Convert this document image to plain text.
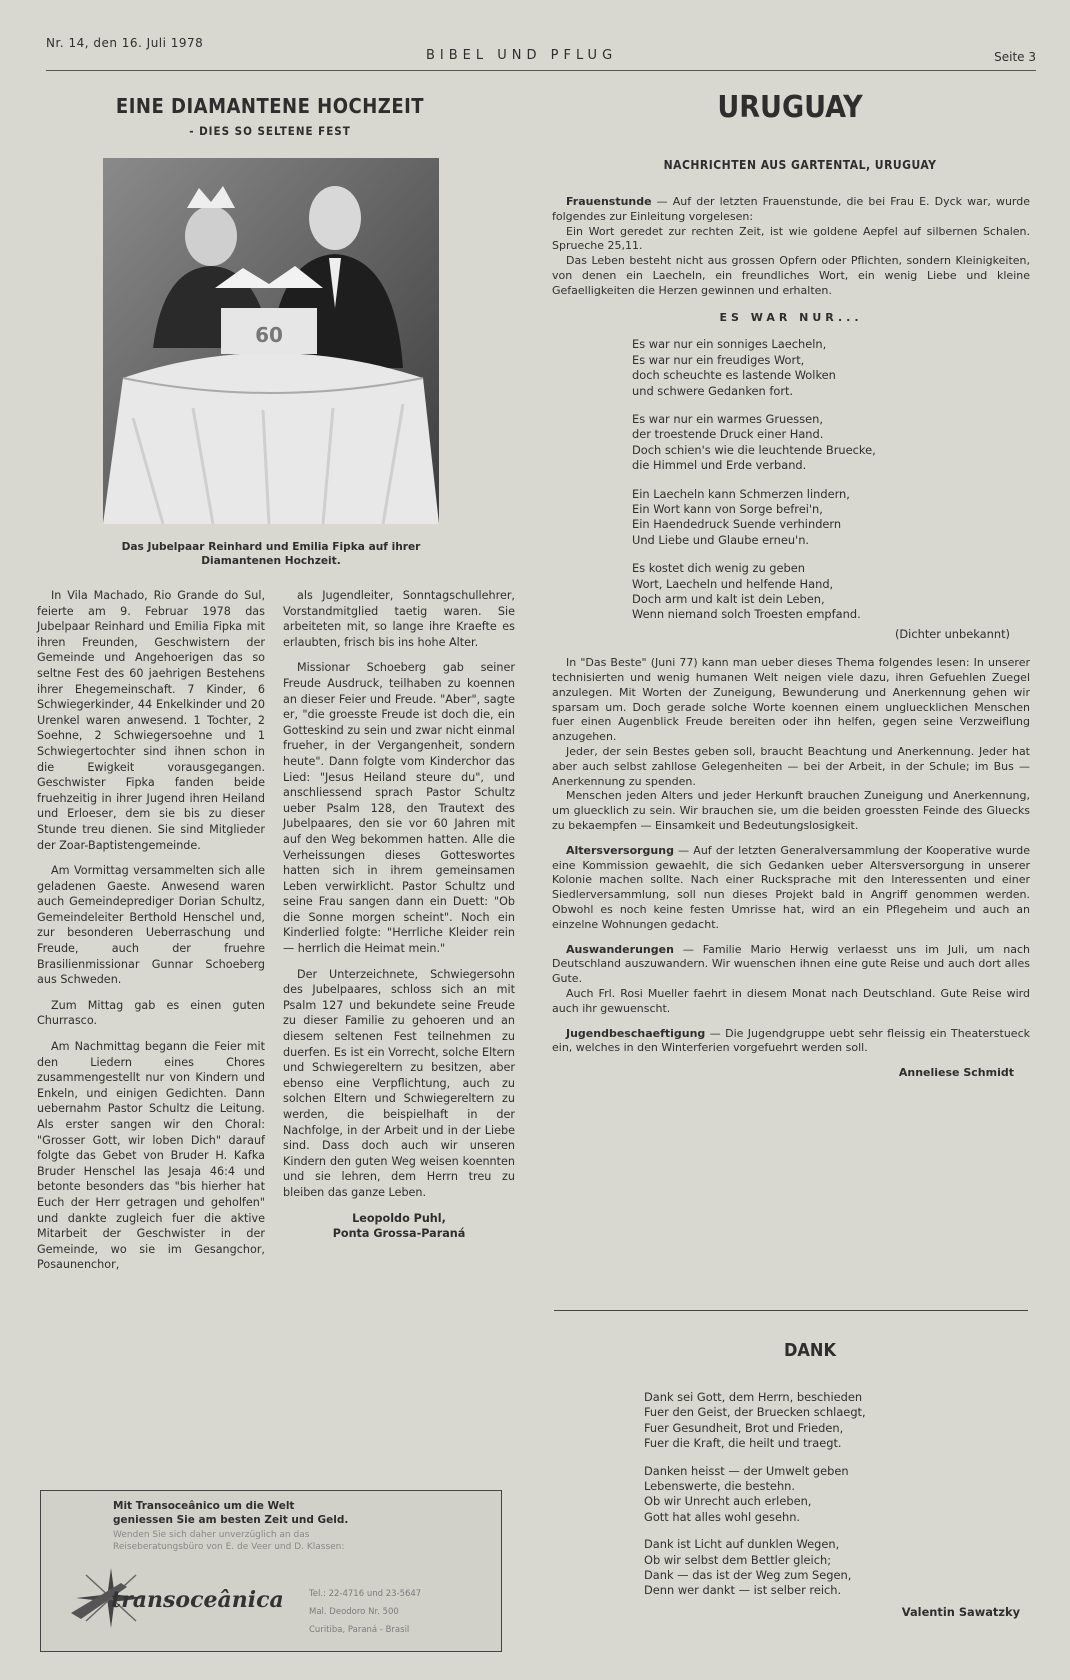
Nr. 14, den 16. Juli 1978
BIBEL UND PFLUG	Seite 3
EINE DIAMANTENE HOCHZEIT
- DIES SO SELTENE FEST
60
Das Jubelpaar Reinhard und Emilia Fipka auf ihrer Diamantenen Hochzeit.

In Vila Machado, Rio Grande do Sul, feierte am 9. Februar 1978 das Jubelpaar Reinhard und Emilia Fipka mit ihren Freunden, Geschwistern der Gemeinde und Angehoerigen das so seltne Fest des 60 jaehrigen Bestehens ihrer Ehegemeinschaft. 7 Kinder, 6 Schwiegerkinder, 44 Enkelkinder und 20 Urenkel waren anwesend. 1 Tochter, 2 Soehne, 2 Schwiegersoehne und 1 Schwiegertochter sind ihnen schon in die Ewigkeit vorausgegangen. Geschwister Fipka fanden beide fruehzeitig in ihrer Jugend ihren Heiland und Erloeser, dem sie bis zu dieser Stunde treu dienen. Sie sind Mitglieder der Zoar-Baptistengemeinde.

Am Vormittag versammelten sich alle geladenen Gaeste. Anwesend waren auch Gemeindeprediger Dorian Schultz, Gemeindeleiter Berthold Henschel und, zur besonderen Ueberraschung und Freude, auch der fruehre Brasilienmissionar Gunnar Schoeberg aus Schweden.

Zum Mittag gab es einen guten Churrasco.

Am Nachmittag begann die Feier mit den Liedern eines Chores zusammengestellt nur von Kindern und Enkeln, und einigen Gedichten. Dann uebernahm Pastor Schultz die Leitung. Als erster sangen wir den Choral: "Grosser Gott, wir loben Dich" darauf folgte das Gebet von Bruder H. Kafka Bruder Henschel las Jesaja 46:4 und betonte besonders das "bis hierher hat Euch der Herr getragen und geholfen" und dankte zugleich fuer die aktive Mitarbeit der Geschwister in der Gemeinde, wo sie im Gesangchor, Posaunenchor,

als Jugendleiter, Sonntagschullehrer, Vorstandmitglied taetig waren. Sie arbeiteten mit, so lange ihre Kraefte es erlaubten, frisch bis ins hohe Alter.

Missionar Schoeberg gab seiner Freude Ausdruck, teilhaben zu koennen an dieser Feier und Freude. "Aber", sagte er, "die groesste Freude ist doch die, ein Gotteskind zu sein und zwar nicht einmal frueher, in der Vergangenheit, sondern heute". Dann folgte vom Kinderchor das Lied: "Jesus Heiland steure du", und anschliessend sprach Pastor Schultz ueber Psalm 128, den Trautext des Jubelpaares, den sie vor 60 Jahren mit auf den Weg bekommen hatten. Alle die Verheissungen dieses Gotteswortes hatten sich in ihrem gemeinsamen Leben verwirklicht. Pastor Schultz und seine Frau sangen dann ein Duett: "Ob die Sonne morgen scheint". Noch ein Kinderlied folgte: "Herrliche Kleider rein — herrlich die Heimat mein."

Der Unterzeichnete, Schwiegersohn des Jubelpaares, schloss sich an mit Psalm 127 und bekundete seine Freude zu dieser Familie zu gehoeren und an diesem seltenen Fest teilnehmen zu duerfen. Es ist ein Vorrecht, solche Eltern und Schwiegereltern zu besitzen, aber ebenso eine Verpflichtung, auch zu solchen Eltern und Schwiegereltern zu werden, die beispielhaft in der Nachfolge, in der Arbeit und in der Liebe sind. Dass doch auch wir unseren Kindern den guten Weg weisen koennten und sie lehren, dem Herrn treu zu bleiben das ganze Leben.

Leopoldo Puhl,
Ponta Grossa-Paraná
Mit Transoceânico um die Welt
geniessen Sie am besten Zeit und Geld.
Wenden Sie sich daher unverzüglich an das
Reiseberatungsbüro von E. de Veer und D. Klassen:
transoceânica	Tel.: 22-4716 und 23-5647
Mal. Deodoro Nr. 500
Curitiba, Paraná - Brasil
URUGUAY
NACHRICHTEN AUS GARTENTAL, URUGUAY

Frauenstunde — Auf der letzten Frauenstunde, die bei Frau E. Dyck war, wurde folgendes zur Einleitung vorgelesen:

Ein Wort geredet zur rechten Zeit, ist wie goldene Aepfel auf silbernen Schalen. Sprueche 25,11.

Das Leben besteht nicht aus grossen Opfern oder Pflichten, sondern Kleinigkeiten, von denen ein Laecheln, ein freundliches Wort, ein wenig Liebe und kleine Gefaelligkeiten die Herzen gewinnen und erhalten.

ES WAR NUR...

Es war nur ein sonniges Laecheln,

Es war nur ein freudiges Wort,

doch scheuchte es lastende Wolken

und schwere Gedanken fort.

Es war nur ein warmes Gruessen,

der troestende Druck einer Hand.

Doch schien's wie die leuchtende Bruecke,

die Himmel und Erde verband.

Ein Laecheln kann Schmerzen lindern,

Ein Wort kann von Sorge befrei'n,

Ein Haendedruck Suende verhindern

Und Liebe und Glaube erneu'n.

Es kostet dich wenig zu geben

Wort, Laecheln und helfende Hand,

Doch arm und kalt ist dein Leben,

Wenn niemand solch Troesten empfand.

(Dichter unbekannt)

In "Das Beste" (Juni 77) kann man ueber dieses Thema folgendes lesen: In unserer technisierten und wenig humanen Welt neigen viele dazu, ihren Gefuehlen Zuegel anzulegen. Mit Worten der Zuneigung, Bewunderung und Anerkennung gehen wir sparsam um. Doch gerade solche Worte koennen einem ungluecklichen Menschen fuer einen Augenblick Freude bereiten oder ihn helfen, gegen seine Verzweiflung anzugehen.

Jeder, der sein Bestes geben soll, braucht Beachtung und Anerkennung. Jeder hat aber auch selbst zahllose Gelegenheiten — bei der Arbeit, in der Schule; im Bus — Anerkennung zu spenden.

Menschen jeden Alters und jeder Herkunft brauchen Zuneigung und Anerkennung, um gluecklich zu sein. Wir brauchen sie, um die beiden groessten Feinde des Gluecks zu bekaempfen — Einsamkeit und Bedeutungslosigkeit.

Altersversorgung — Auf der letzten Generalversammlung der Kooperative wurde eine Kommission gewaehlt, die sich Gedanken ueber Altersversorgung in unserer Kolonie machen sollte. Nach einer Rucksprache mit den Interessenten und einer Siedlerversammlung, soll nun dieses Projekt bald in Angriff genommen werden. Obwohl es noch keine festen Umrisse hat, wird an ein Pflegeheim und auch an einzelne Wohnungen gedacht.

Auswanderungen — Familie Mario Herwig verlaesst uns im Juli, um nach Deutschland auszuwandern. Wir wuenschen ihnen eine gute Reise und auch dort alles Gute.

Auch Frl. Rosi Mueller faehrt in diesem Monat nach Deutschland. Gute Reise wird auch ihr gewuenscht.

Jugendbeschaeftigung — Die Jugendgruppe uebt sehr fleissig ein Theaterstueck ein, welches in den Winterferien vorgefuehrt werden soll.

Anneliese Schmidt
DANK

Dank sei Gott, dem Herrn, beschieden

Fuer den Geist, der Bruecken schlaegt,

Fuer Gesundheit, Brot und Frieden,

Fuer die Kraft, die heilt und traegt.

Danken heisst — der Umwelt geben

Lebenswerte, die bestehn.

Ob wir Unrecht auch erleben,

Gott hat alles wohl gesehn.

Dank ist Licht auf dunklen Wegen,

Ob wir selbst dem Bettler gleich;

Dank — das ist der Weg zum Segen,

Denn wer dankt — ist selber reich.

Valentin Sawatzky
